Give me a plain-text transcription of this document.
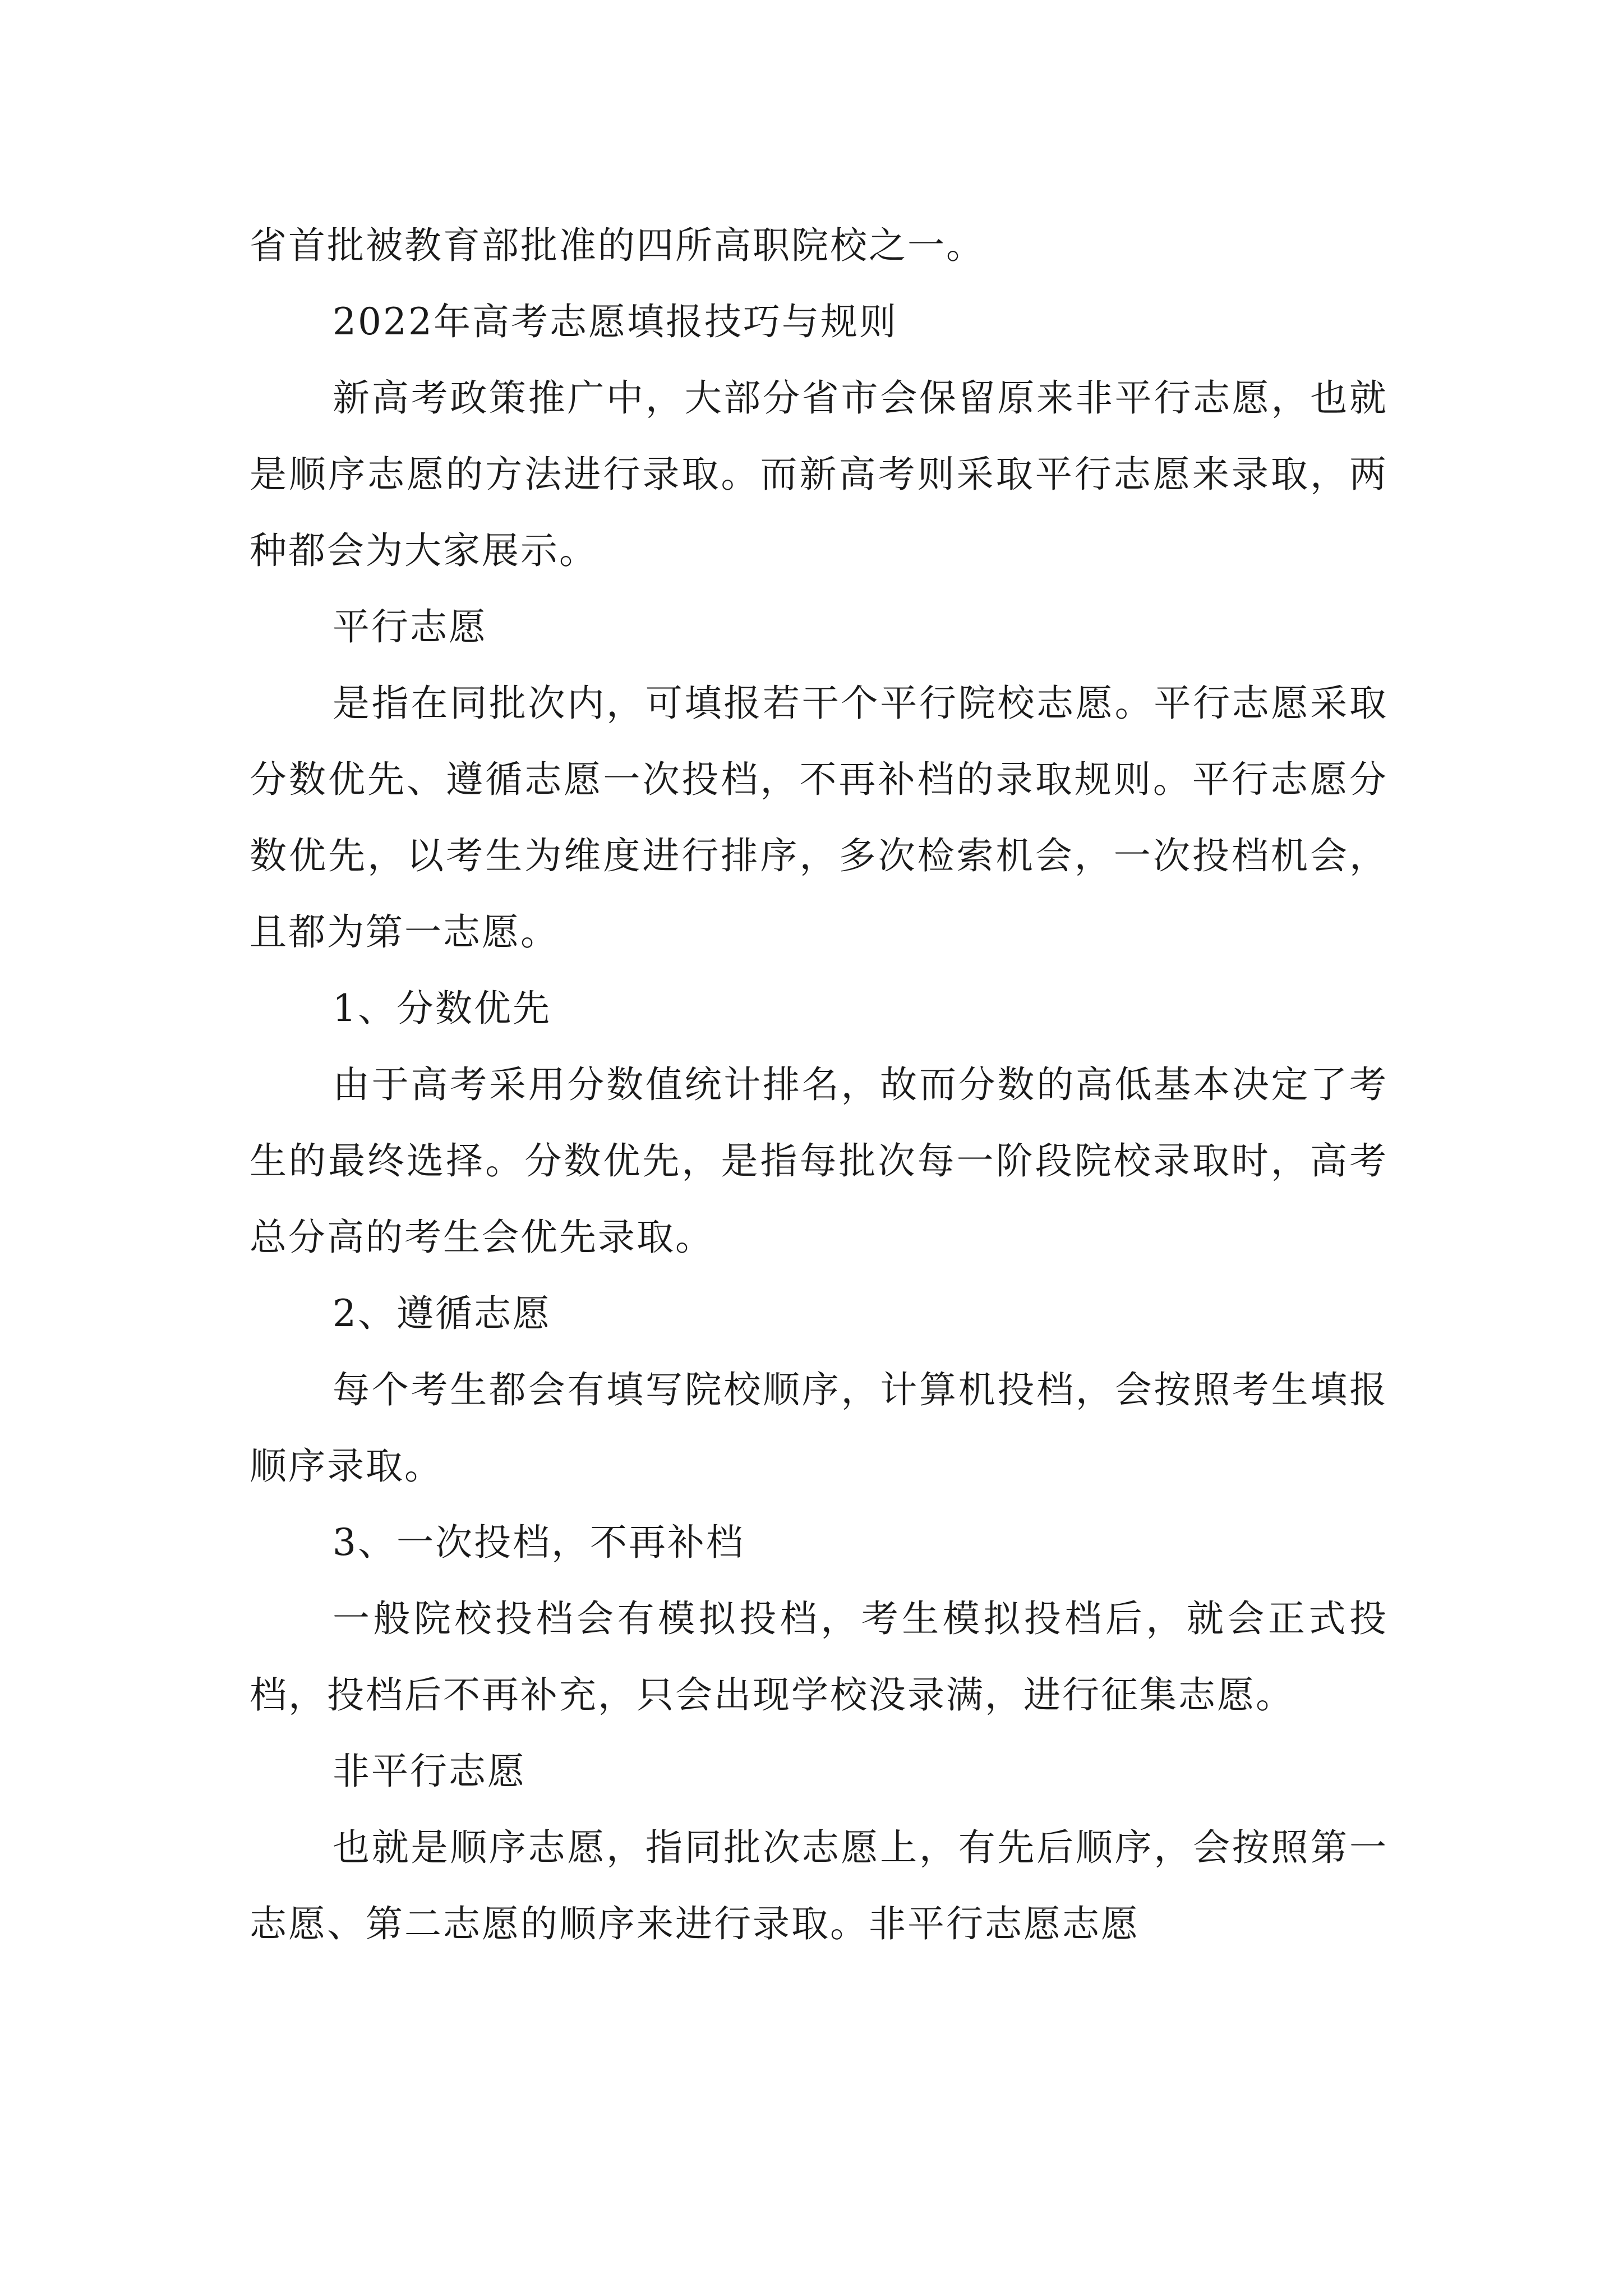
省首批被教育部批准的四所高职院校之一。

2022年高考志愿填报技巧与规则

新高考政策推广中，大部分省市会保留原来非平行志愿，也就是顺序志愿的方法进行录取。而新高考则采取平行志愿来录取，两种都会为大家展示。

平行志愿

是指在同批次内，可填报若干个平行院校志愿。平行志愿采取分数优先、遵循志愿一次投档，不再补档的录取规则。平行志愿分数优先，以考生为维度进行排序，多次检索机会，一次投档机会，且都为第一志愿。

1、分数优先

由于高考采用分数值统计排名，故而分数的高低基本决定了考生的最终选择。分数优先，是指每批次每一阶段院校录取时，高考总分高的考生会优先录取。

2、遵循志愿

每个考生都会有填写院校顺序，计算机投档，会按照考生填报顺序录取。

3、一次投档，不再补档

一般院校投档会有模拟投档，考生模拟投档后，就会正式投档，投档后不再补充，只会出现学校没录满，进行征集志愿。

非平行志愿

也就是顺序志愿，指同批次志愿上，有先后顺序，会按照第一志愿、第二志愿的顺序来进行录取。非平行志愿志愿
